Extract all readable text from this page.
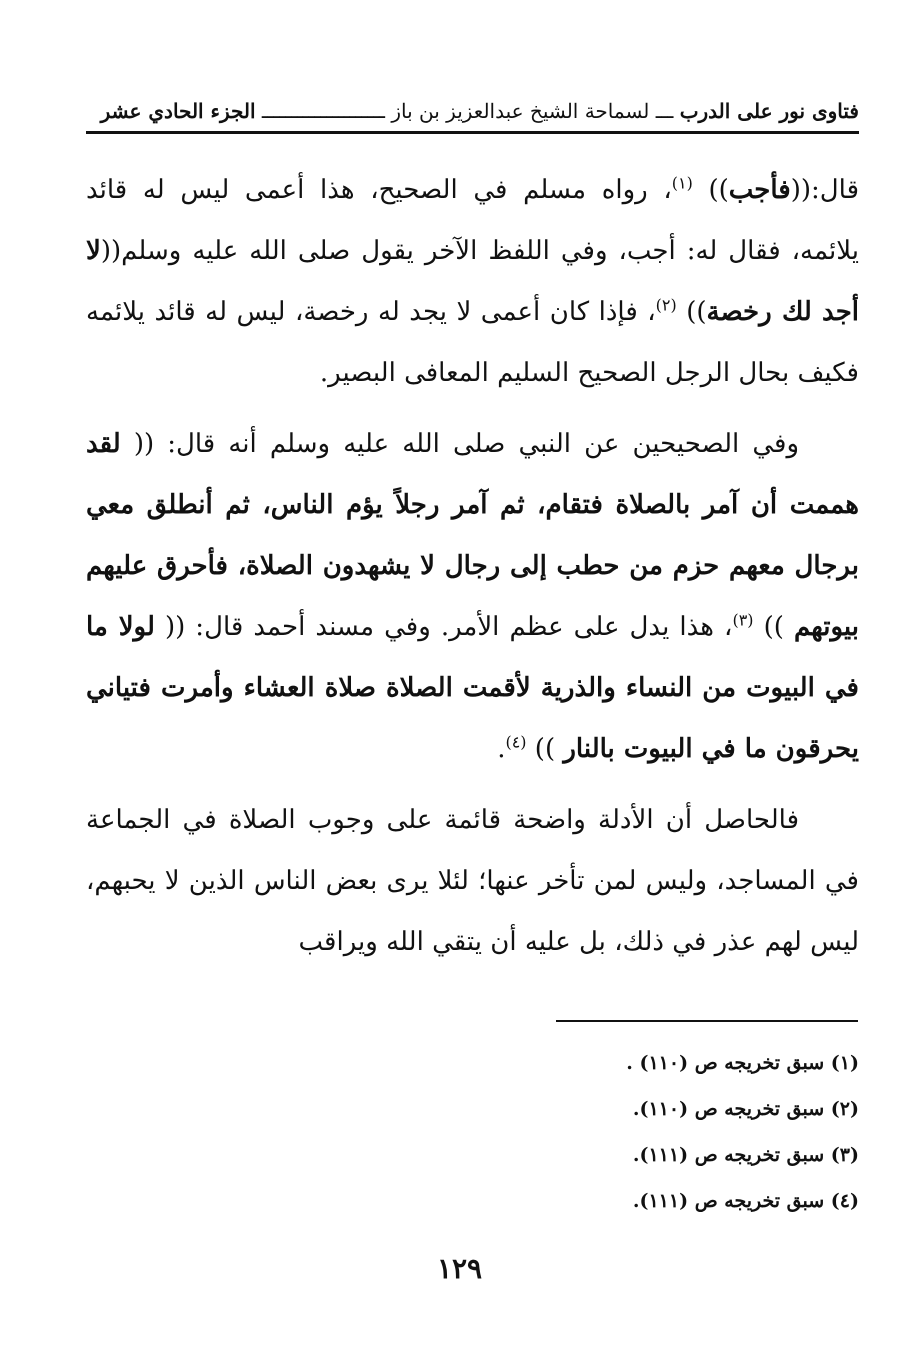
فتاوى نور على الدرب ـــ لسماحة الشيخ عبدالعزيز بن باز ـــــــــــــــــــــ الجزء الحادي عشر

قال:((فأجب)) $^{(١)}$، رواه مسلم في الصحيح، هذا أعمى ليس له قائد يلائمه، فقال له: أجب، وفي اللفظ الآخر يقول صلى الله عليه وسلم((لا أجد لك رخصة)) $^{(٢)}$، فإذا كان أعمى لا يجد له رخصة، ليس له قائد يلائمه فكيف بحال الرجل الصحيح السليم المعافى البصير.

وفي الصحيحين عن النبي صلى الله عليه وسلم أنه قال: (( لقد هممت أن آمر بالصلاة فتقام، ثم آمر رجلاً يؤم الناس، ثم أنطلق معي برجال معهم حزم من حطب إلى رجال لا يشهدون الصلاة، فأحرق عليهم بيوتهم )) $^{(٣)}$، هذا يدل على عظم الأمر. وفي مسند أحمد قال: (( لولا ما في البيوت من النساء والذرية لأقمت الصلاة صلاة العشاء وأمرت فتياني يحرقون ما في البيوت بالنار )) $^{(٤)}$.

فالحاصل أن الأدلة واضحة قائمة على وجوب الصلاة في الجماعة في المساجد، وليس لمن تأخر عنها؛ لئلا يرى بعض الناس الذين لا يحبهم، ليس لهم عذر في ذلك، بل عليه أن يتقي الله ويراقب

(١) سبق تخريجه ص (١١٠) .
(٢) سبق تخريجه ص (١١٠).
(٣) سبق تخريجه ص (١١١).
(٤) سبق تخريجه ص (١١١).
١٢٩
